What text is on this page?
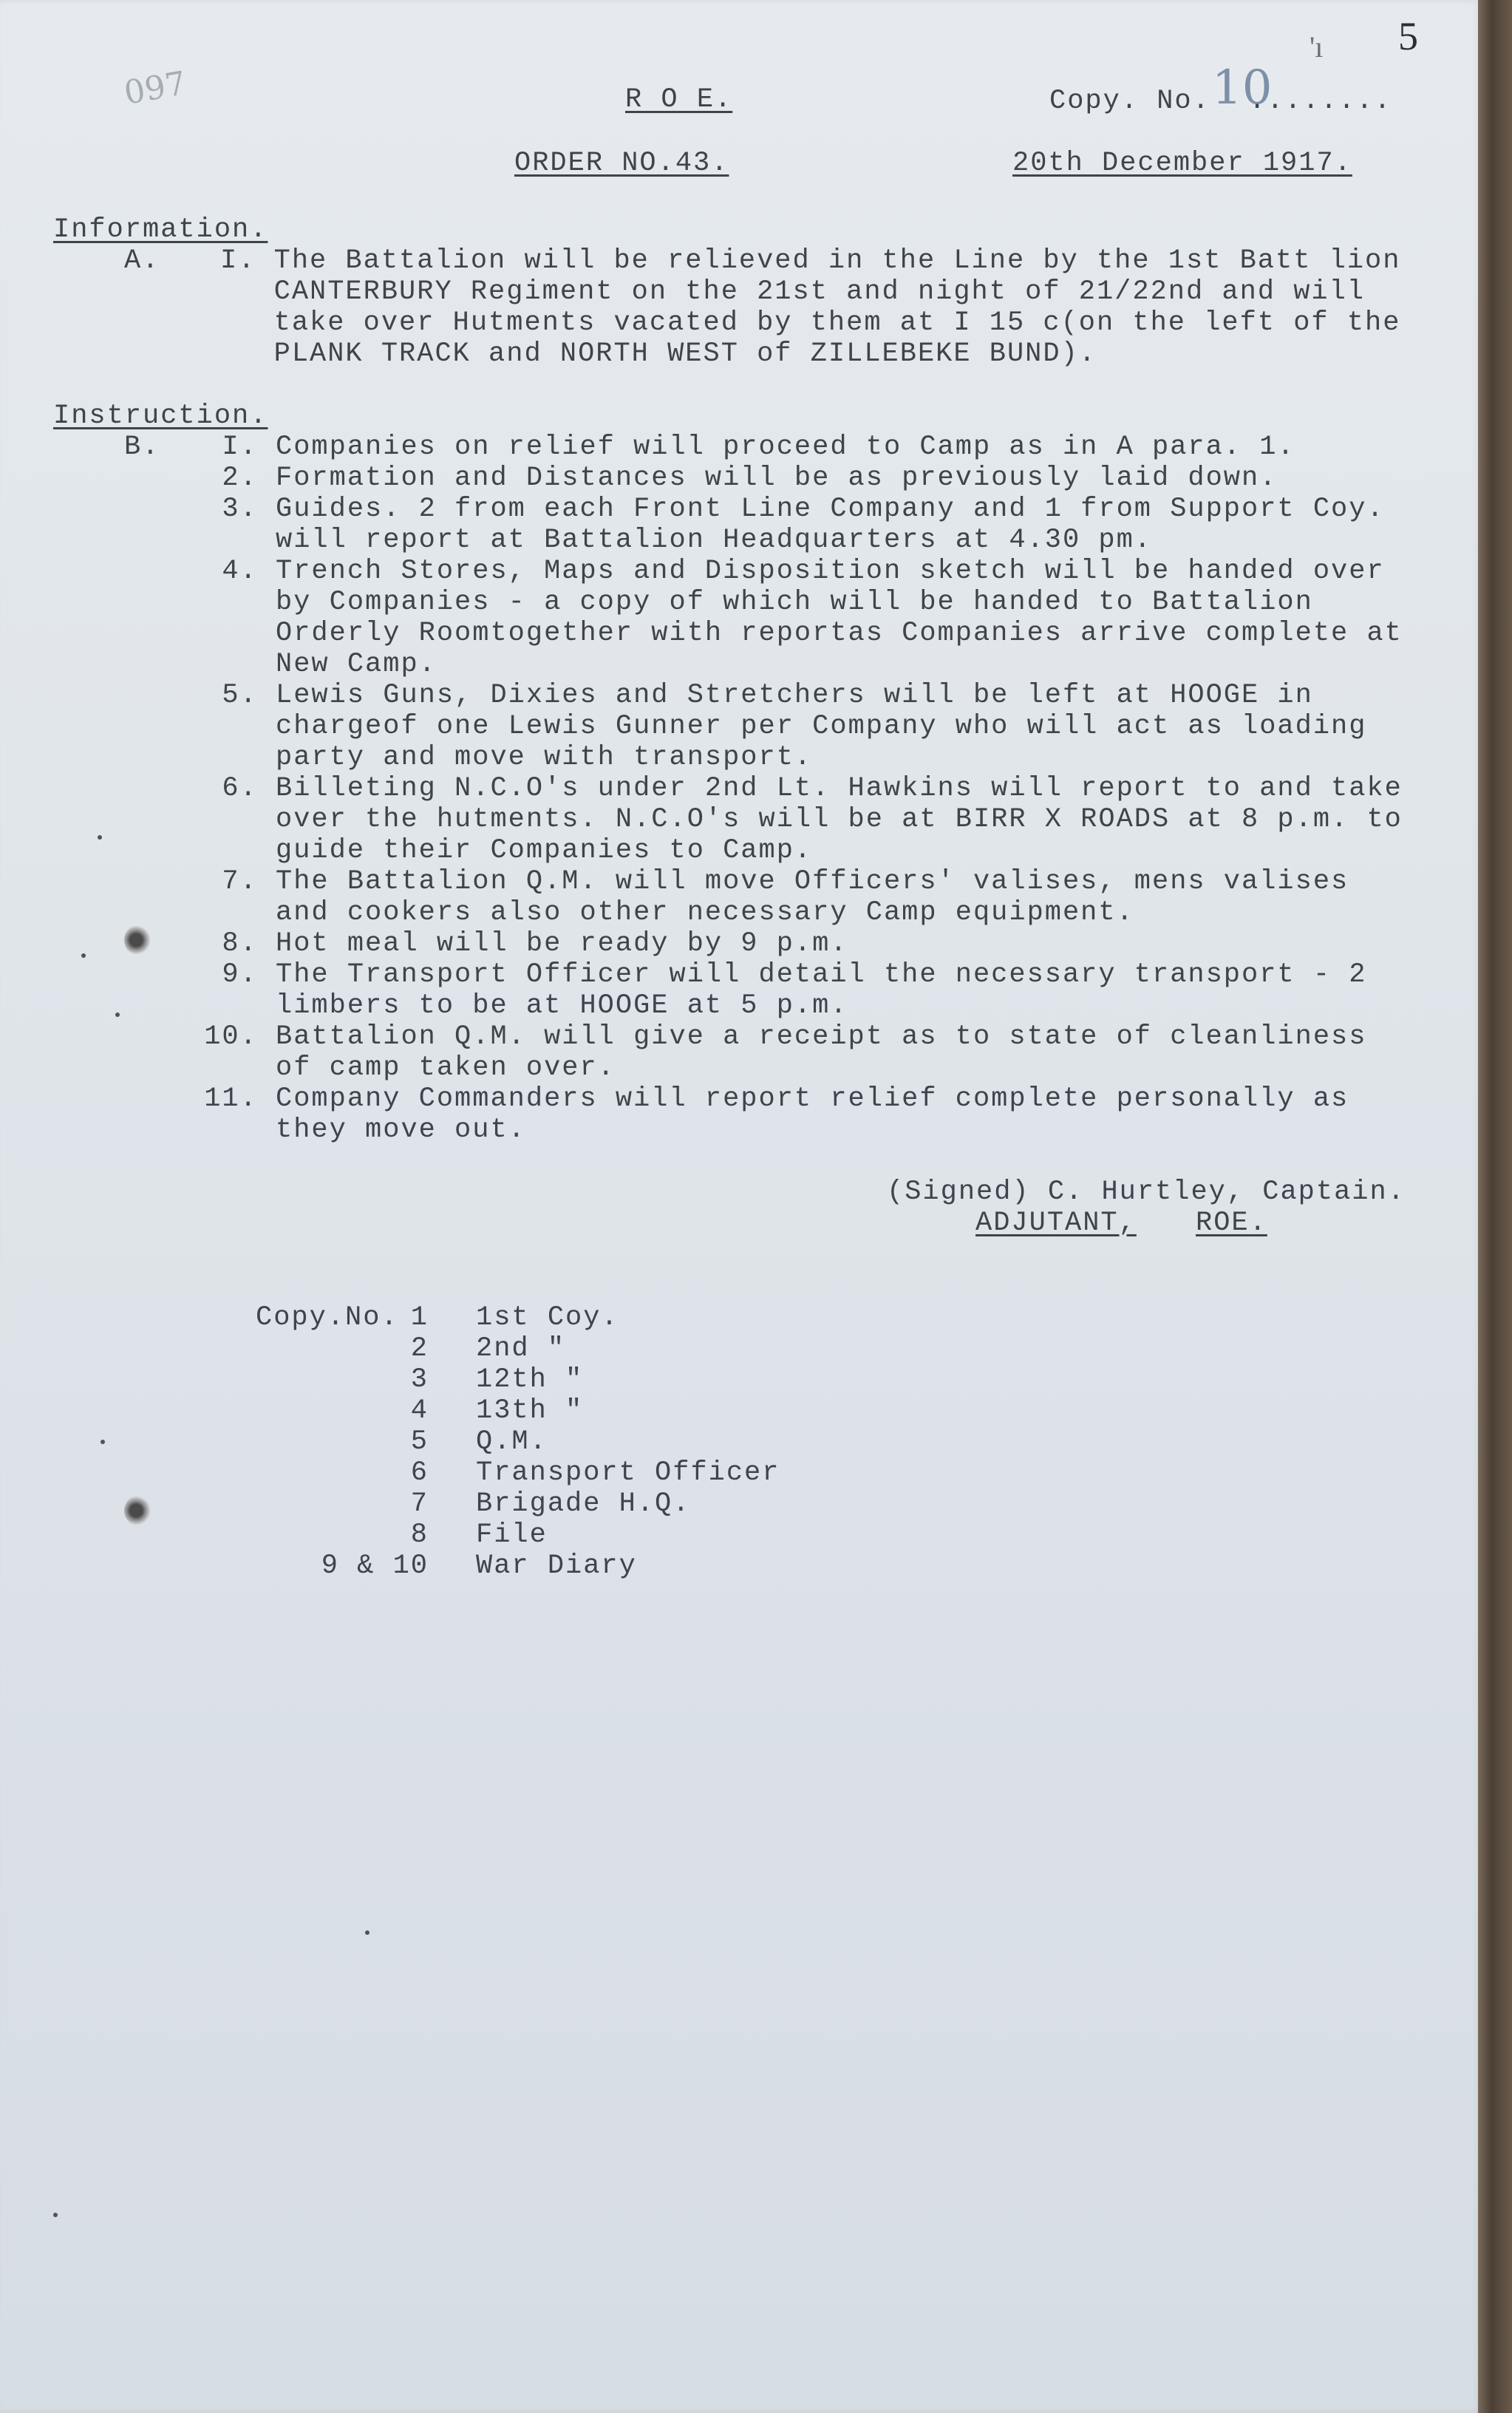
097
'ı 5
R O E.	Copy. No. 10
........
ORDER NO.43.	20th December 1917.
Information.
A. I. The Battalion will be relieved in the Line by the 1st Batt lion
CANTERBURY Regiment on the 21st and night of 21/22nd and will
take over Hutments vacated by them at I 15 c(on the left of the
PLANK TRACK and NORTH WEST of ZILLEBEKE BUND).
Instruction.
B. I. Companies on relief will proceed to Camp as in A para. 1.
2. Formation and Distances will be as previously laid down.
3. Guides. 2 from each Front Line Company and 1 from Support Coy.
will report at Battalion Headquarters at 4.30 pm.
4. Trench Stores, Maps and Disposition sketch will be handed over
by Companies - a copy of which will be handed to Battalion
Orderly Roomtogether with reportas Companies arrive complete at
New Camp.
5. Lewis Guns, Dixies and Stretchers will be left at HOOGE in
chargeof one Lewis Gunner per Company who will act as loading
party and move with transport.
6. Billeting N.C.O's under 2nd Lt. Hawkins will report to and take
over the hutments. N.C.O's will be at BIRR X ROADS at 8 p.m. to
guide their Companies to Camp.
7. The Battalion Q.M. will move Officers' valises, mens valises
and cookers also other necessary Camp equipment.
8. Hot meal will be ready by 9 p.m.
9. The Transport Officer will detail the necessary transport - 2
limbers to be at HOOGE at 5 p.m.
10. Battalion Q.M. will give a receipt as to state of cleanliness
of camp taken over.
11. Company Commanders will report relief complete personally as
they move out.
(Signed) C. Hurtley, Captain.
ADJUTANT, ROE.
Copy.No. 1 1st Coy.
2 2nd "
3 12th "
4 13th "
5 Q.M.
6 Transport Officer
7 Brigade H.Q.
8 File
9 & 10 War Diary
